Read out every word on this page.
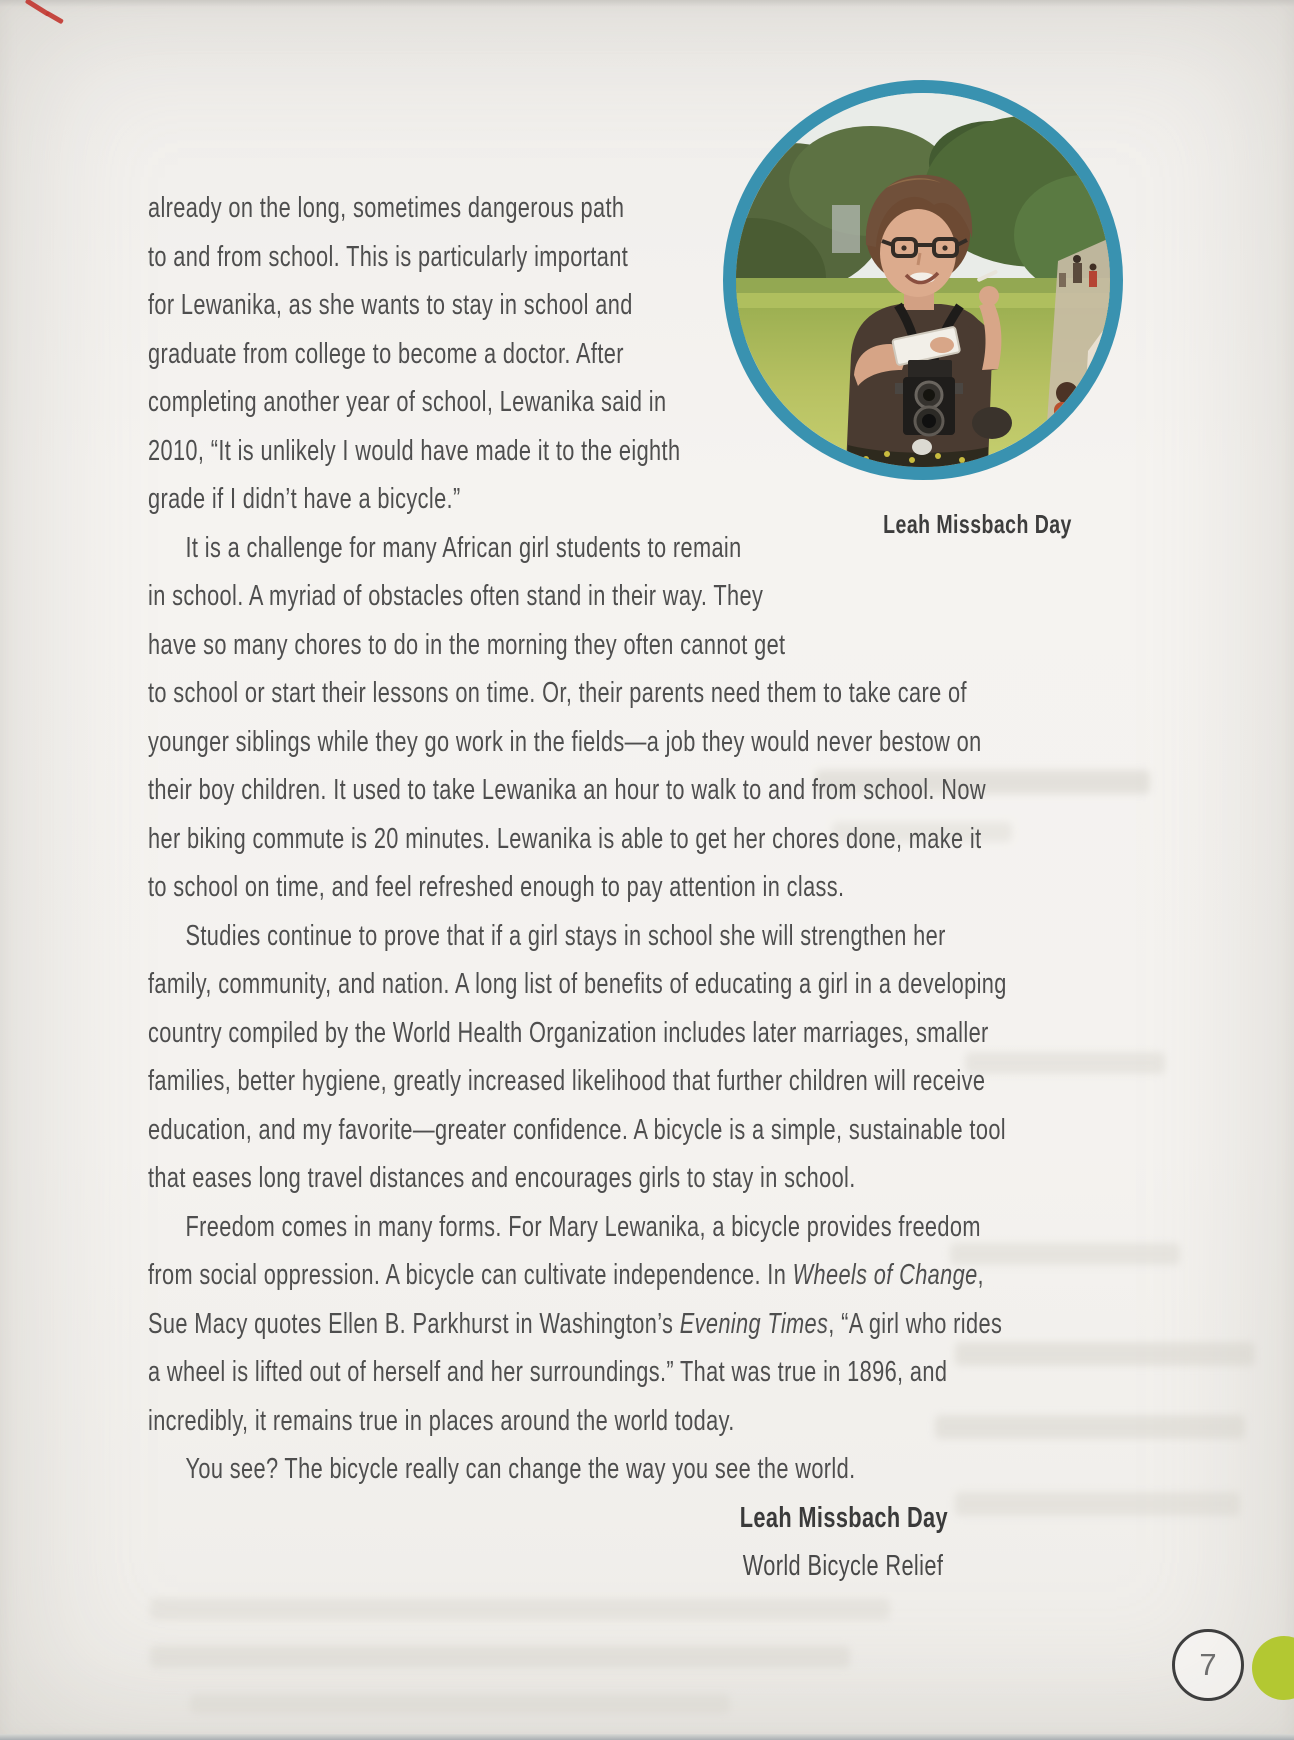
Leah Missbach Day
already on the long, sometimes dangerous path
to and from school. This is particularly important
for Lewanika, as she wants to stay in school and
graduate from college to become a doctor. After
completing another year of school, Lewanika said in
2010, “It is unlikely I would have made it to the eighth
grade if I didn’t have a bicycle.”
It is a challenge for many African girl students to remain
in school. A myriad of obstacles often stand in their way. They
have so many chores to do in the morning they often cannot get
to school or start their lessons on time. Or, their parents need them to take care of
younger siblings while they go work in the fields—a job they would never bestow on
their boy children. It used to take Lewanika an hour to walk to and from school. Now
her biking commute is 20 minutes. Lewanika is able to get her chores done, make it
to school on time, and feel refreshed enough to pay attention in class.
Studies continue to prove that if a girl stays in school she will strengthen her
family, community, and nation. A long list of benefits of educating a girl in a developing
country compiled by the World Health Organization includes later marriages, smaller
families, better hygiene, greatly increased likelihood that further children will receive
education, and my favorite—greater confidence. A bicycle is a simple, sustainable tool
that eases long travel distances and encourages girls to stay in school.
Freedom comes in many forms. For Mary Lewanika, a bicycle provides freedom
from social oppression. A bicycle can cultivate independence. In Wheels of Change,
Sue Macy quotes Ellen B. Parkhurst in Washington’s Evening Times, “A girl who rides
a wheel is lifted out of herself and her surroundings.” That was true in 1896, and
incredibly, it remains true in places around the world today.
You see? The bicycle really can change the way you see the world.
Leah Missbach Day
World Bicycle Relief
7
